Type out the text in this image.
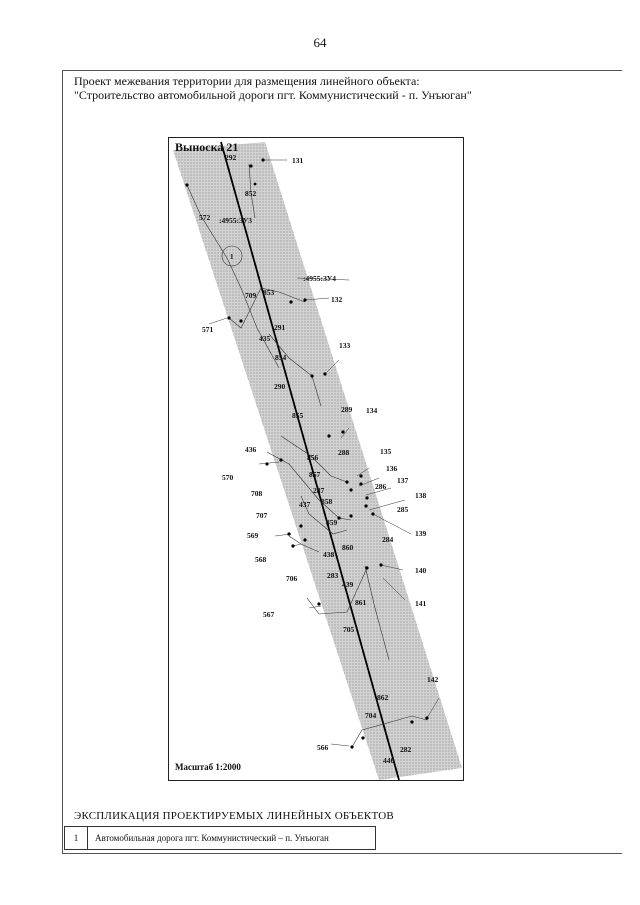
64
Проект межевания территории для размещения линейного объекта:
"Строительство автомобильной дороги пгт. Коммунистический - п. Унъюган"
1
:4955:ЗУ3
:4955:ЗУ4
131
292
852
572
709 853
132
571	291
435
133
854
290
289 134
855
436	288	135
570
856
136
857
286
137
708	287
138
858
285
437
707
859
139
569	284
860
438
568
283
140
706
439
861	141
567
705
142
862
704
566	282
440
Выноска 21
Масштаб 1:2000
ЭКСПЛИКАЦИЯ ПРОЕКТИРУЕМЫХ ЛИНЕЙНЫХ ОБЪЕКТОВ
1	Автомобильная дорога пгт. Коммунистический – п. Унъюган
